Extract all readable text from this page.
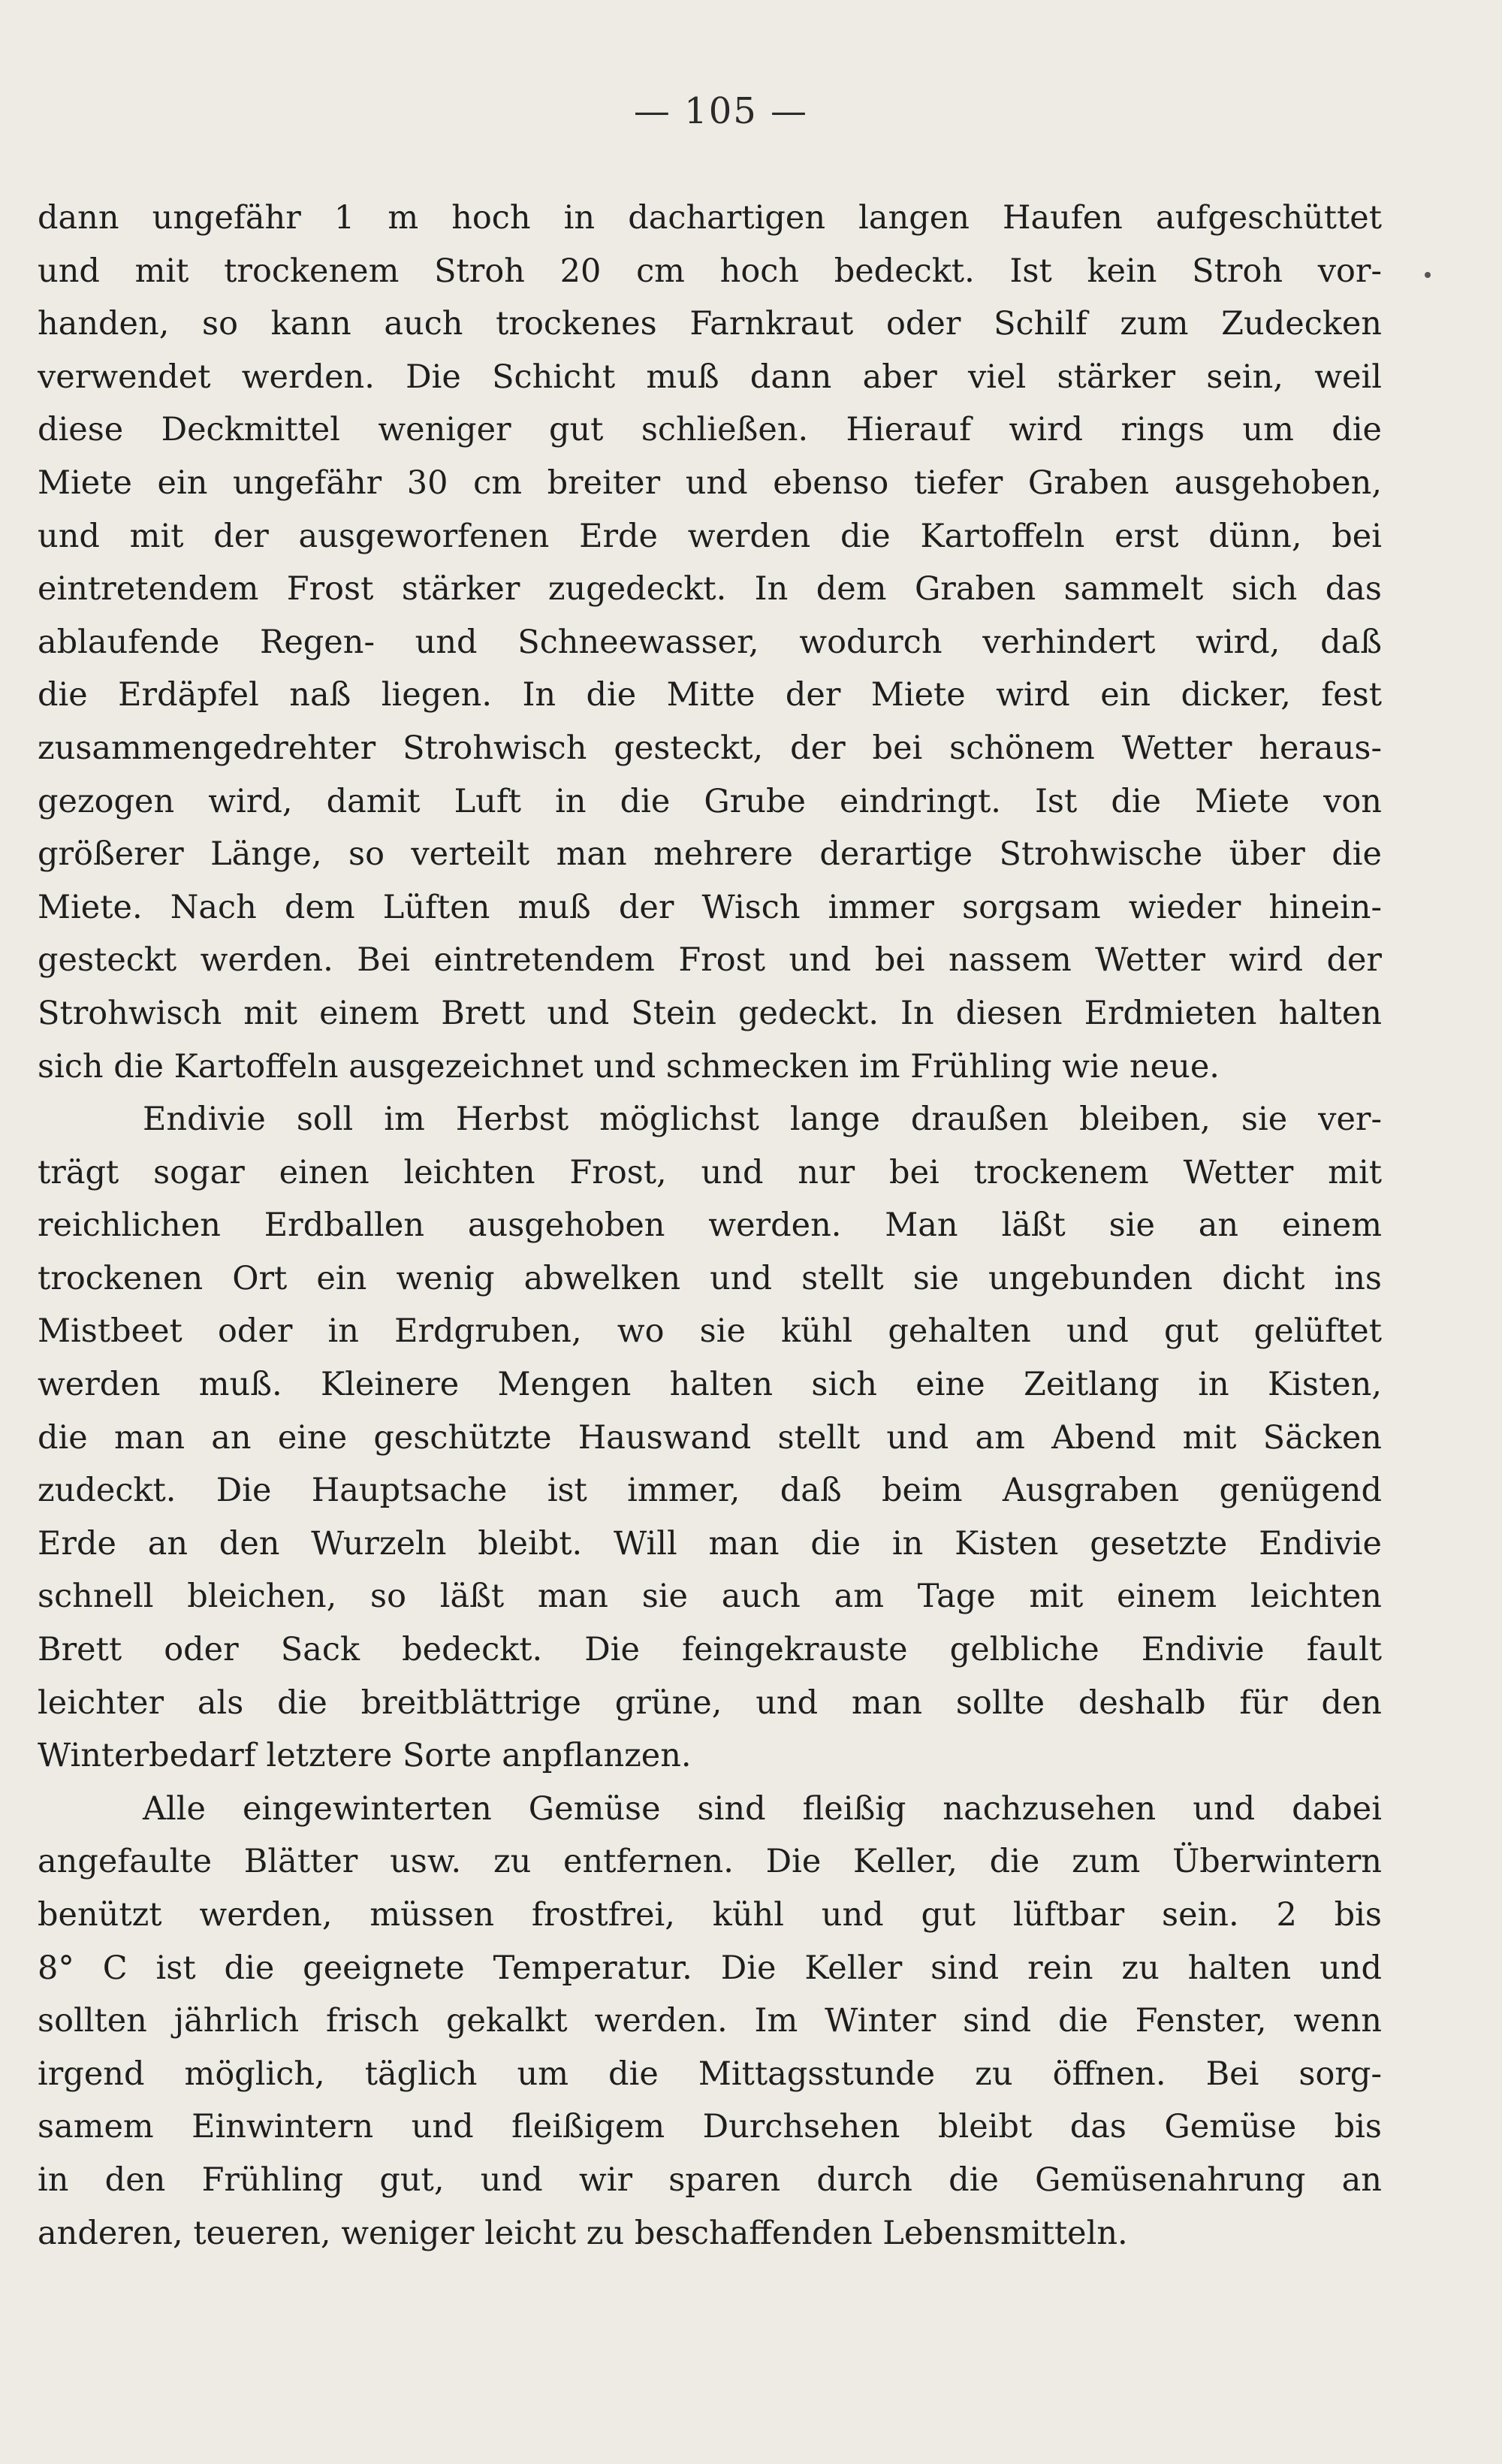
— 105 —
dann ungefähr 1 m hoch in dachartigen langen Haufen aufgeschüttet
und mit trockenem Stroh 20 cm hoch bedeckt. Ist kein Stroh vor-
handen, so kann auch trockenes Farnkraut oder Schilf zum Zudecken
verwendet werden. Die Schicht muß dann aber viel stärker sein, weil
diese Deckmittel weniger gut schließen. Hierauf wird rings um die
Miete ein ungefähr 30 cm breiter und ebenso tiefer Graben ausgehoben,
und mit der ausgeworfenen Erde werden die Kartoffeln erst dünn, bei
eintretendem Frost stärker zugedeckt. In dem Graben sammelt sich das
ablaufende Regen- und Schneewasser, wodurch verhindert wird, daß
die Erdäpfel naß liegen. In die Mitte der Miete wird ein dicker, fest
zusammengedrehter Strohwisch gesteckt, der bei schönem Wetter heraus-
gezogen wird, damit Luft in die Grube eindringt. Ist die Miete von
größerer Länge, so verteilt man mehrere derartige Strohwische über die
Miete. Nach dem Lüften muß der Wisch immer sorgsam wieder hinein-
gesteckt werden. Bei eintretendem Frost und bei nassem Wetter wird der
Strohwisch mit einem Brett und Stein gedeckt. In diesen Erdmieten halten
sich die Kartoffeln ausgezeichnet und schmecken im Frühling wie neue.
Endivie soll im Herbst möglichst lange draußen bleiben, sie ver-
trägt sogar einen leichten Frost, und nur bei trockenem Wetter mit
reichlichen Erdballen ausgehoben werden. Man läßt sie an einem
trockenen Ort ein wenig abwelken und stellt sie ungebunden dicht ins
Mistbeet oder in Erdgruben, wo sie kühl gehalten und gut gelüftet
werden muß. Kleinere Mengen halten sich eine Zeitlang in Kisten,
die man an eine geschützte Hauswand stellt und am Abend mit Säcken
zudeckt. Die Hauptsache ist immer, daß beim Ausgraben genügend
Erde an den Wurzeln bleibt. Will man die in Kisten gesetzte Endivie
schnell bleichen, so läßt man sie auch am Tage mit einem leichten
Brett oder Sack bedeckt. Die feingekrauste gelbliche Endivie fault
leichter als die breitblättrige grüne, und man sollte deshalb für den
Winterbedarf letztere Sorte anpflanzen.
Alle eingewinterten Gemüse sind fleißig nachzusehen und dabei
angefaulte Blätter usw. zu entfernen. Die Keller, die zum Überwintern
benützt werden, müssen frostfrei, kühl und gut lüftbar sein. 2 bis
8° C ist die geeignete Temperatur. Die Keller sind rein zu halten und
sollten jährlich frisch gekalkt werden. Im Winter sind die Fenster, wenn
irgend möglich, täglich um die Mittagsstunde zu öffnen. Bei sorg-
samem Einwintern und fleißigem Durchsehen bleibt das Gemüse bis
in den Frühling gut, und wir sparen durch die Gemüsenahrung an
anderen, teueren, weniger leicht zu beschaffenden Lebensmitteln.
